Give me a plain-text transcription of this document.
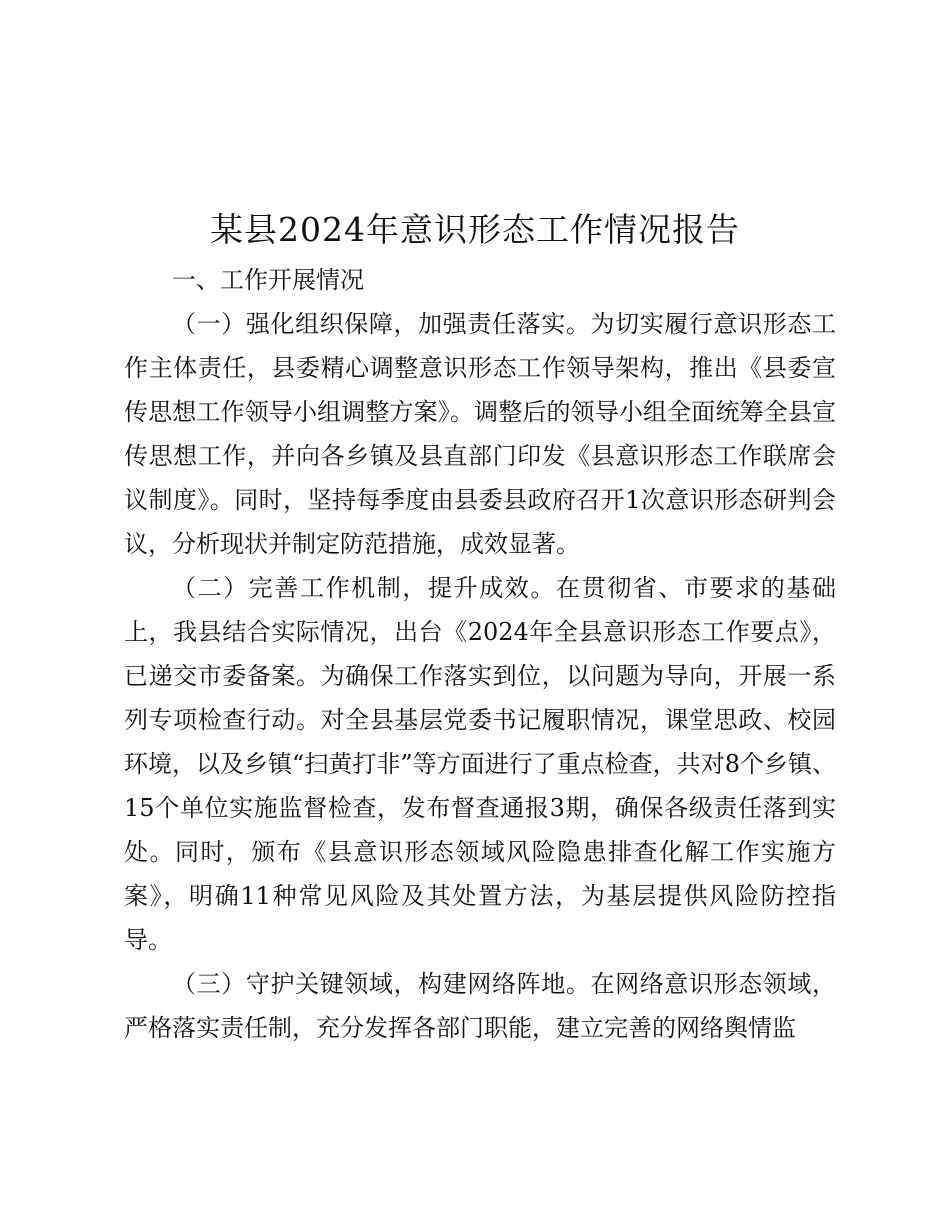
某县2024年意识形态工作情况报告

一、工作开展情况

（一）强化组织保障，加强责任落实。为切实履行意识形态工作主体责任，县委精心调整意识形态工作领导架构，推出《县委宣传思想工作领导小组调整方案》。调整后的领导小组全面统筹全县宣传思想工作，并向各乡镇及县直部门印发《县意识形态工作联席会议制度》。同时，坚持每季度由县委县政府召开1次意识形态研判会议，分析现状并制定防范措施，成效显著。

（二）完善工作机制，提升成效。在贯彻省、市要求的基础上，我县结合实际情况，出台《2024年全县意识形态工作要点》，已递交市委备案。为确保工作落实到位，以问题为导向，开展一系列专项检查行动。对全县基层党委书记履职情况，课堂思政、校园环境，以及乡镇“扫黄打非”等方面进行了重点检查，共对8个乡镇、15个单位实施监督检查，发布督查通报3期，确保各级责任落到实处。同时，颁布《县意识形态领域风险隐患排查化解工作实施方案》，明确11种常见风险及其处置方法，为基层提供风险防控指导。

（三）守护关键领域，构建网络阵地。在网络意识形态领域，严格落实责任制，充分发挥各部门职能，建立完善的网络舆情监
